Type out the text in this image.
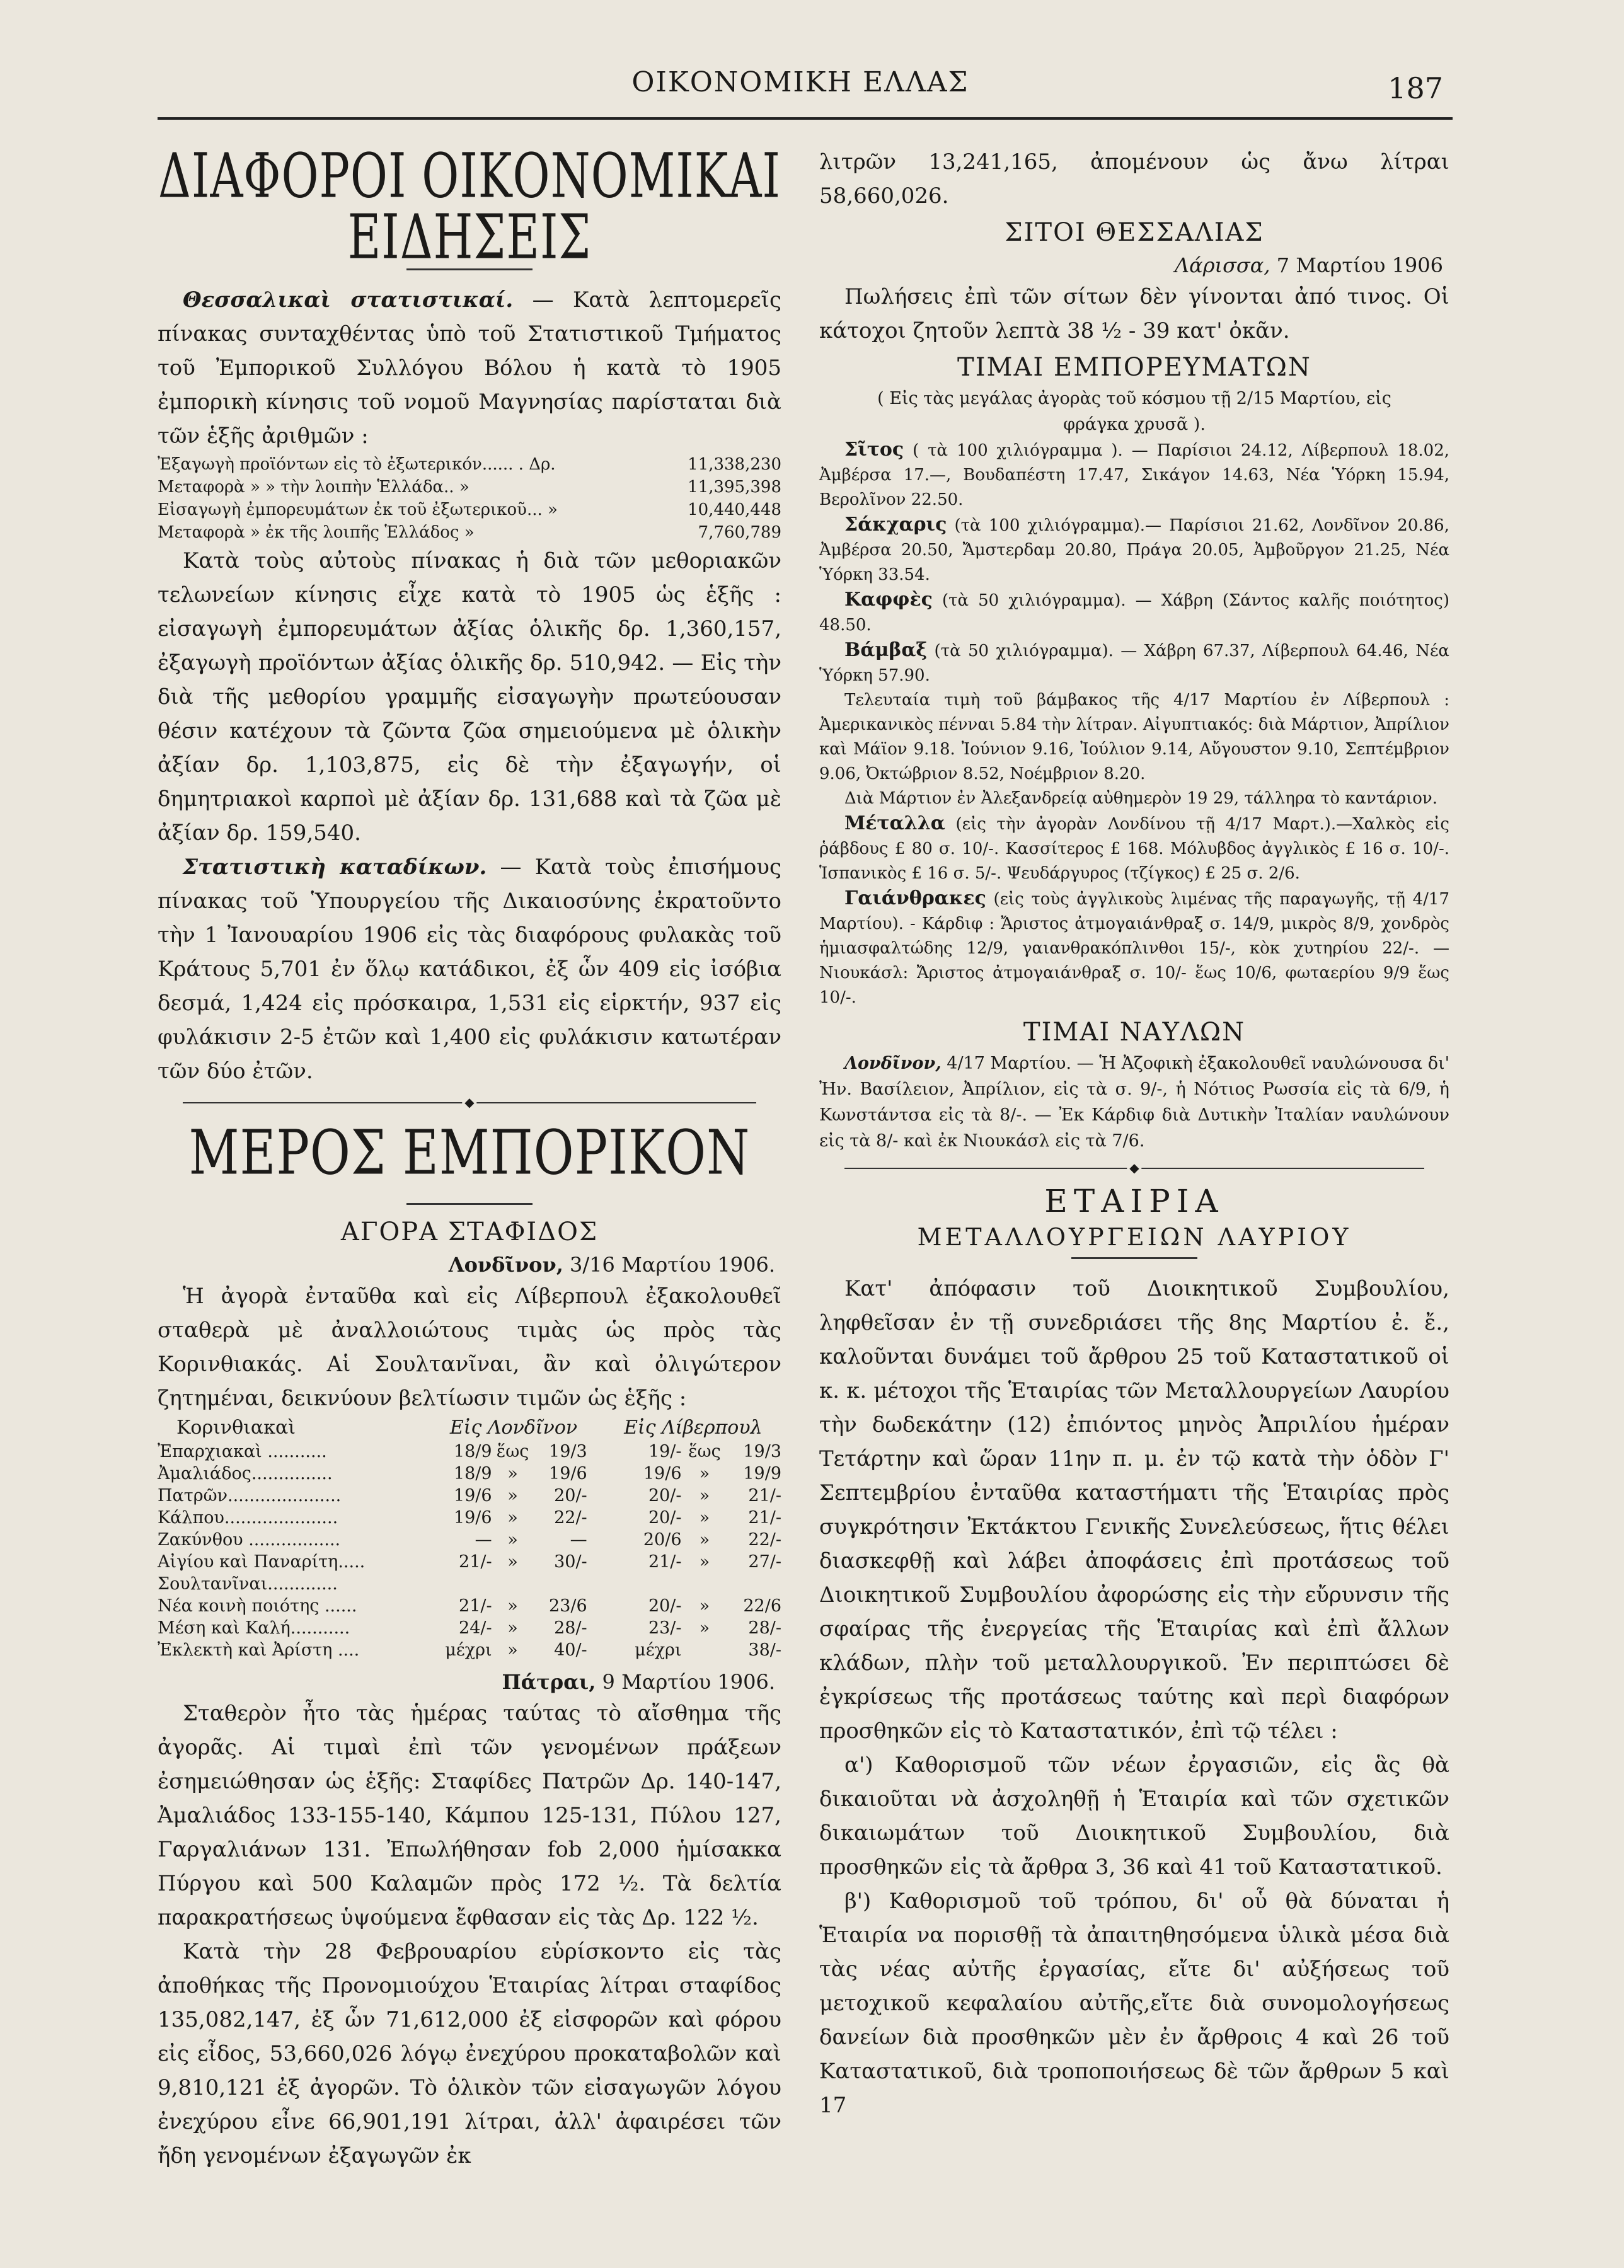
ΟΙΚΟΝΟΜΙΚΗ ΕΛΛΑΣ	187
ΔΙΑΦΟΡΟΙ ΟΙΚΟΝΟΜΙΚΑΙ ΕΙΔΗΣΕΙΣ

Θεσσαλικαὶ στατιστικαί. — Κατὰ λεπτομερεῖς πίνακας συνταχθέντας ὑπὸ τοῦ Στατιστικοῦ Τμήματος τοῦ Ἐμπορικοῦ Συλλόγου Βόλου ἡ κατὰ τὸ 1905 ἐμπορικὴ κίνησις τοῦ νομοῦ Μαγνησίας παρίσταται διὰ τῶν ἑξῆς ἀριθμῶν :

Ἐξαγωγὴ προϊόντων εἰς τὸ ἐξωτερικόν...... . Δρ.	11,338,230
Μεταφορὰ » » τὴν λοιπὴν Ἑλλάδα.. »	11,395,398
Εἰσαγωγὴ ἐμπορευμάτων ἐκ τοῦ ἐξωτερικοῦ... »	10,440,448
Μεταφορὰ » ἐκ τῆς λοιπῆς Ἑλλάδος »	7,760,789

Κατὰ τοὺς αὐτοὺς πίνακας ἡ διὰ τῶν μεθοριακῶν τελωνείων κίνησις εἶχε κατὰ τὸ 1905 ὡς ἑξῆς : εἰσαγωγὴ ἐμπορευμάτων ἀξίας ὁλικῆς δρ. 1,360,157, ἐξαγωγὴ προϊόντων ἀξίας ὁλικῆς δρ. 510,942. — Εἰς τὴν διὰ τῆς μεθορίου γραμμῆς εἰσαγωγὴν πρωτεύουσαν θέσιν κατέχουν τὰ ζῶντα ζῶα σημειούμενα μὲ ὁλικὴν ἀξίαν δρ. 1,103,875, εἰς δὲ τὴν ἐξαγωγήν, οἱ δημητριακοὶ καρποὶ μὲ ἀξίαν δρ. 131,688 καὶ τὰ ζῶα μὲ ἀξίαν δρ. 159,540.

Στατιστικὴ καταδίκων. — Κατὰ τοὺς ἐπισήμους πίνακας τοῦ Ὑπουργείου τῆς Δικαιοσύνης ἐκρατοῦντο τὴν 1 Ἰανουαρίου 1906 εἰς τὰς διαφόρους φυλακὰς τοῦ Κράτους 5,701 ἐν ὅλῳ κατάδικοι, ἐξ ὧν 409 εἰς ἰσόβια δεσμά, 1,424 εἰς πρόσκαιρα, 1,531 εἰς εἱρκτήν, 937 εἰς φυλάκισιν 2-5 ἐτῶν καὶ 1,400 εἰς φυλάκισιν κατωτέραν τῶν δύο ἐτῶν.

◆
ΜΕΡΟΣ ΕΜΠΟΡΙΚΟΝ
ΑΓΟΡΑ ΣΤΑΦΙΔΟΣ
Λονδῖνον, 3/16 Μαρτίου 1906.

Ἡ ἀγορὰ ἐνταῦθα καὶ εἰς Λίβερπουλ ἐξακολουθεῖ σταθερὰ μὲ ἀναλλοιώτους τιμὰς ὡς πρὸς τὰς Κορινθιακάς. Αἱ Σουλτανῖναι, ἂν καὶ ὀλιγώτερον ζητημέναι, δεικνύουν βελτίωσιν τιμῶν ὡς ἑξῆς :

Κορινθιακαὶ	Εἰς Λονδῖνον			Εἰς Λίβερπουλ		
Ἐπαρχιακαὶ ...........	18/9	ἕως	19/3	19/-	ἕως	19/3
Ἀμαλιάδος...............	18/9	»	19/6	19/6	»	19/9
Πατρῶν.....................	19/6	»	20/-	20/-	»	21/-
Κάλπου.....................	19/6	»	22/-	20/-	»	21/-
Ζακύνθου .................	—	»	—	20/6	»	22/-
Αἰγίου καὶ Παναρίτη.....	21/-	»	30/-	21/-	»	27/-
Σουλτανῖναι.............						
Νέα κοινὴ ποιότης ......	21/-	»	23/6	20/-	»	22/6
Μέση καὶ Καλή...........	24/-	»	28/-	23/-	»	28/-
Ἐκλεκτὴ καὶ Ἀρίστη ....	μέχρι	»	40/-	μέχρι		38/-
Πάτραι, 9 Μαρτίου 1906.

Σταθερὸν ἦτο τὰς ἡμέρας ταύτας τὸ αἴσθημα τῆς ἀγορᾶς. Αἱ τιμαὶ ἐπὶ τῶν γενομένων πράξεων ἐσημειώθησαν ὡς ἑξῆς: Σταφίδες Πατρῶν Δρ. 140-147, Ἀμαλιάδος 133-155-140, Κάμπου 125-131, Πύλου 127, Γαργαλιάνων 131. Ἐπωλήθησαν fob 2,000 ἡμίσακκα Πύργου καὶ 500 Καλαμῶν πρὸς 172 ½. Τὰ δελτία παρακρατήσεως ὑψούμενα ἔφθασαν εἰς τὰς Δρ. 122 ½.

Κατὰ τὴν 28 Φεβρουαρίου εὑρίσκοντο εἰς τὰς ἀποθήκας τῆς Προνομιούχου Ἑταιρίας λίτραι σταφίδος 135,082,147, ἐξ ὧν 71,612,000 ἐξ εἰσφορῶν καὶ φόρου εἰς εἶδος, 53,660,026 λόγῳ ἐνεχύρου προκαταβολῶν καὶ 9,810,121 ἐξ ἀγορῶν. Τὸ ὁλικὸν τῶν εἰσαγωγῶν λόγου ἐνεχύρου εἶνε 66,901,191 λίτραι, ἀλλ' ἀφαιρέσει τῶν ἤδη γενομένων ἐξαγωγῶν ἐκ

λιτρῶν 13,241,165, ἀπομένουν ὡς ἄνω λίτραι 58,660,026.

ΣΙΤΟΙ ΘΕΣΣΑΛΙΑΣ
Λάρισσα, 7 Μαρτίου 1906

Πωλήσεις ἐπὶ τῶν σίτων δὲν γίνονται ἀπό τινος. Οἱ κάτοχοι ζητοῦν λεπτὰ 38 ½ - 39 κατ' ὀκᾶν.

ΤΙΜΑΙ ΕΜΠΟΡΕΥΜΑΤΩΝ

( Εἰς τὰς μεγάλας ἀγορὰς τοῦ κόσμου τῇ 2/15 Μαρτίου, εἰς φράγκα χρυσᾶ ).

Σῖτος ( τὰ 100 χιλιόγραμμα ). — Παρίσιοι 24.12, Λίβερπουλ 18.02, Ἀμβέρσα 17.—, Βουδαπέστη 17.47, Σικάγον 14.63, Νέα Ὑόρκη 15.94, Βερολῖνον 22.50.

Σάκχαρις (τὰ 100 χιλιόγραμμα).— Παρίσιοι 21.62, Λονδῖνον 20.86, Ἀμβέρσα 20.50, Ἄμστερδαμ 20.80, Πράγα 20.05, Ἀμβοῦργον 21.25, Νέα Ὑόρκη 33.54.

Καφφὲς (τὰ 50 χιλιόγραμμα). — Χάβρη (Σάντος καλῆς ποιότητος) 48.50.

Βάμβαξ (τὰ 50 χιλιόγραμμα). — Χάβρη 67.37, Λίβερπουλ 64.46, Νέα Ὑόρκη 57.90.

Τελευταία τιμὴ τοῦ βάμβακος τῆς 4/17 Μαρτίου ἐν Λίβερπουλ : Ἀμερικανικὸς πένναι 5.84 τὴν λίτραν. Αἰγυπτιακός: διὰ Μάρτιον, Ἀπρίλιον καὶ Μάϊον 9.18. Ἰούνιον 9.16, Ἰούλιον 9.14, Αὔγουστον 9.10, Σεπτέμβριον 9.06, Ὀκτώβριον 8.52, Νοέμβριον 8.20.

Διὰ Μάρτιον ἐν Ἀλεξανδρείᾳ αὐθημερὸν 19 29, τάλληρα τὸ καντάριον.

Μέταλλα (εἰς τὴν ἀγορὰν Λονδίνου τῇ 4/17 Μαρτ.).—Χαλκὸς εἰς ῥάβδους £ 80 σ. 10/-. Κασσίτερος £ 168. Μόλυβδος ἀγγλικὸς £ 16 σ. 10/-. Ἱσπανικὸς £ 16 σ. 5/-. Ψευδάργυρος (τζίγκος) £ 25 σ. 2/6.

Γαιάνθρακες (εἰς τοὺς ἀγγλικοὺς λιμένας τῆς παραγωγῆς, τῇ 4/17 Μαρτίου). - Κάρδιφ : Ἄριστος ἀτμογαιάνθραξ σ. 14/9, μικρὸς 8/9, χονδρὸς ἡμιασφαλτώδης 12/9, γαιανθρακόπλινθοι 15/-, κὸκ χυτηρίου 22/-. — Νιουκάσλ: Ἄριστος ἀτμογαιάνθραξ σ. 10/- ἕως 10/6, φωταερίου 9/9 ἕως 10/-.

ΤΙΜΑΙ ΝΑΥΛΩΝ

Λονδῖνον, 4/17 Μαρτίου. — Ἡ Ἀζοφικὴ ἐξακολουθεῖ ναυλώνουσα δι' Ἠν. Βασίλειον, Ἀπρίλιον, εἰς τὰ σ. 9/-, ἡ Νότιος Ρωσσία εἰς τὰ 6/9, ἡ Κωνστάντσα εἰς τὰ 8/-. — Ἐκ Κάρδιφ διὰ Δυτικὴν Ἰταλίαν ναυλώνουν εἰς τὰ 8/- καὶ ἐκ Νιουκάσλ εἰς τὰ 7/6.

◆
ΕΤΑΙΡΙΑ
ΜΕΤΑΛΛΟΥΡΓΕΙΩΝ ΛΑΥΡΙΟΥ

Κατ' ἀπόφασιν τοῦ Διοικητικοῦ Συμβουλίου, ληφθεῖσαν ἐν τῇ συνεδριάσει τῆς 8ης Μαρτίου ἐ. ἔ., καλοῦνται δυνάμει τοῦ ἄρθρου 25 τοῦ Καταστατικοῦ οἱ κ. κ. μέτοχοι τῆς Ἑταιρίας τῶν Μεταλλουργείων Λαυρίου τὴν δωδεκάτην (12) ἐπιόντος μηνὸς Ἀπριλίου ἡμέραν Τετάρτην καὶ ὥραν 11ην π. μ. ἐν τῷ κατὰ τὴν ὁδὸν Γ' Σεπτεμβρίου ἐνταῦθα καταστήματι τῆς Ἑταιρίας πρὸς συγκρότησιν Ἐκτάκτου Γενικῆς Συνελεύσεως, ἥτις θέλει διασκεφθῇ καὶ λάβει ἀποφάσεις ἐπὶ προτάσεως τοῦ Διοικητικοῦ Συμβουλίου ἀφορώσης εἰς τὴν εὔρυνσιν τῆς σφαίρας τῆς ἐνεργείας τῆς Ἑταιρίας καὶ ἐπὶ ἄλλων κλάδων, πλὴν τοῦ μεταλλουργικοῦ. Ἐν περιπτώσει δὲ ἐγκρίσεως τῆς προτάσεως ταύτης καὶ περὶ διαφόρων προσθηκῶν εἰς τὸ Καταστατικόν, ἐπὶ τῷ τέλει :

α') Καθορισμοῦ τῶν νέων ἐργασιῶν, εἰς ἃς θὰ δικαιοῦται νὰ ἀσχοληθῇ ἡ Ἑταιρία καὶ τῶν σχετικῶν δικαιωμάτων τοῦ Διοικητικοῦ Συμβουλίου, διὰ προσθηκῶν εἰς τὰ ἄρθρα 3, 36 καὶ 41 τοῦ Καταστατικοῦ.

β') Καθορισμοῦ τοῦ τρόπου, δι' οὗ θὰ δύναται ἡ Ἑταιρία να πορισθῇ τὰ ἀπαιτηθησόμενα ὑλικὰ μέσα διὰ τὰς νέας αὐτῆς ἐργασίας, εἴτε δι' αὐξήσεως τοῦ μετοχικοῦ κεφαλαίου αὐτῆς,εἴτε διὰ συνομολογήσεως δανείων διὰ προσθηκῶν μὲν ἐν ἄρθροις 4 καὶ 26 τοῦ Καταστατικοῦ, διὰ τροποποιήσεως δὲ τῶν ἄρθρων 5 καὶ 17
